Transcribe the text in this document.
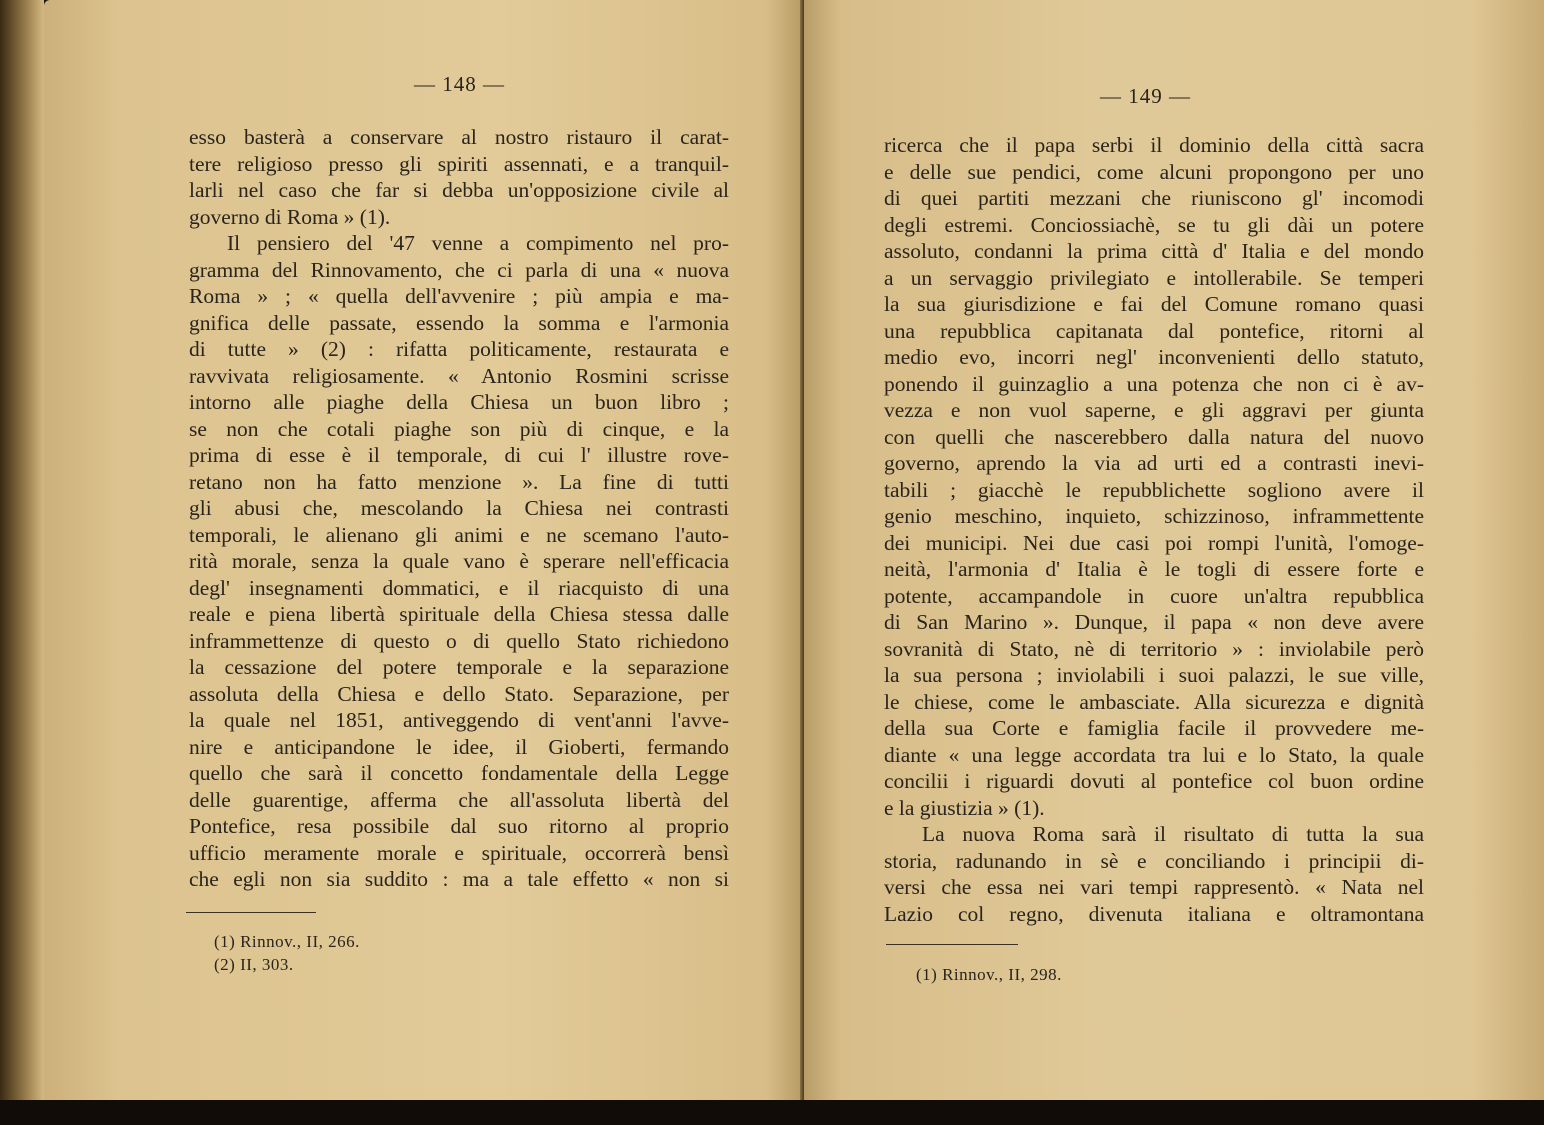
— 148 —
esso basterà a conservare al nostro ristauro il carat-
tere religioso presso gli spiriti assennati, e a tranquil-
larli nel caso che far si debba un'opposizione civile al
governo di Roma » (1).
Il pensiero del '47 venne a compimento nel pro-
gramma del Rinnovamento, che ci parla di una « nuova
Roma » ; « quella dell'avvenire ; più ampia e ma-
gnifica delle passate, essendo la somma e l'armonia
di tutte » (2) : rifatta politicamente, restaurata e
ravvivata religiosamente. « Antonio Rosmini scrisse
intorno alle piaghe della Chiesa un buon libro ;
se non che cotali piaghe son più di cinque, e la
prima di esse è il temporale, di cui l' illustre rove-
retano non ha fatto menzione ». La fine di tutti
gli abusi che, mescolando la Chiesa nei contrasti
temporali, le alienano gli animi e ne scemano l'auto-
rità morale, senza la quale vano è sperare nell'efficacia
degl' insegnamenti dommatici, e il riacquisto di una
reale e piena libertà spirituale della Chiesa stessa dalle
inframmettenze di questo o di quello Stato richiedono
la cessazione del potere temporale e la separazione
assoluta della Chiesa e dello Stato. Separazione, per
la quale nel 1851, antiveggendo di vent'anni l'avve-
nire e anticipandone le idee, il Gioberti, fermando
quello che sarà il concetto fondamentale della Legge
delle guarentige, afferma che all'assoluta libertà del
Pontefice, resa possibile dal suo ritorno al proprio
ufficio meramente morale e spirituale, occorrerà bensì
che egli non sia suddito : ma a tale effetto « non si
(1) Rinnov., II, 266.
(2) II, 303.
— 149 —
ricerca che il papa serbi il dominio della città sacra
e delle sue pendici, come alcuni propongono per uno
di quei partiti mezzani che riuniscono gl' incomodi
degli estremi. Conciossiachè, se tu gli dài un potere
assoluto, condanni la prima città d' Italia e del mondo
a un servaggio privilegiato e intollerabile. Se temperi
la sua giurisdizione e fai del Comune romano quasi
una repubblica capitanata dal pontefice, ritorni al
medio evo, incorri negl' inconvenienti dello statuto,
ponendo il guinzaglio a una potenza che non ci è av-
vezza e non vuol saperne, e gli aggravi per giunta
con quelli che nascerebbero dalla natura del nuovo
governo, aprendo la via ad urti ed a contrasti inevi-
tabili ; giacchè le repubblichette sogliono avere il
genio meschino, inquieto, schizzinoso, inframmettente
dei municipi. Nei due casi poi rompi l'unità, l'omoge-
neità, l'armonia d' Italia è le togli di essere forte e
potente, accampandole in cuore un'altra repubblica
di San Marino ». Dunque, il papa « non deve avere
sovranità di Stato, nè di territorio » : inviolabile però
la sua persona ; inviolabili i suoi palazzi, le sue ville,
le chiese, come le ambasciate. Alla sicurezza e dignità
della sua Corte e famiglia facile il provvedere me-
diante « una legge accordata tra lui e lo Stato, la quale
concilii i riguardi dovuti al pontefice col buon ordine
e la giustizia » (1).
La nuova Roma sarà il risultato di tutta la sua
storia, radunando in sè e conciliando i principii di-
versi che essa nei vari tempi rappresentò. « Nata nel
Lazio col regno, divenuta italiana e oltramontana
(1) Rinnov., II, 298.
